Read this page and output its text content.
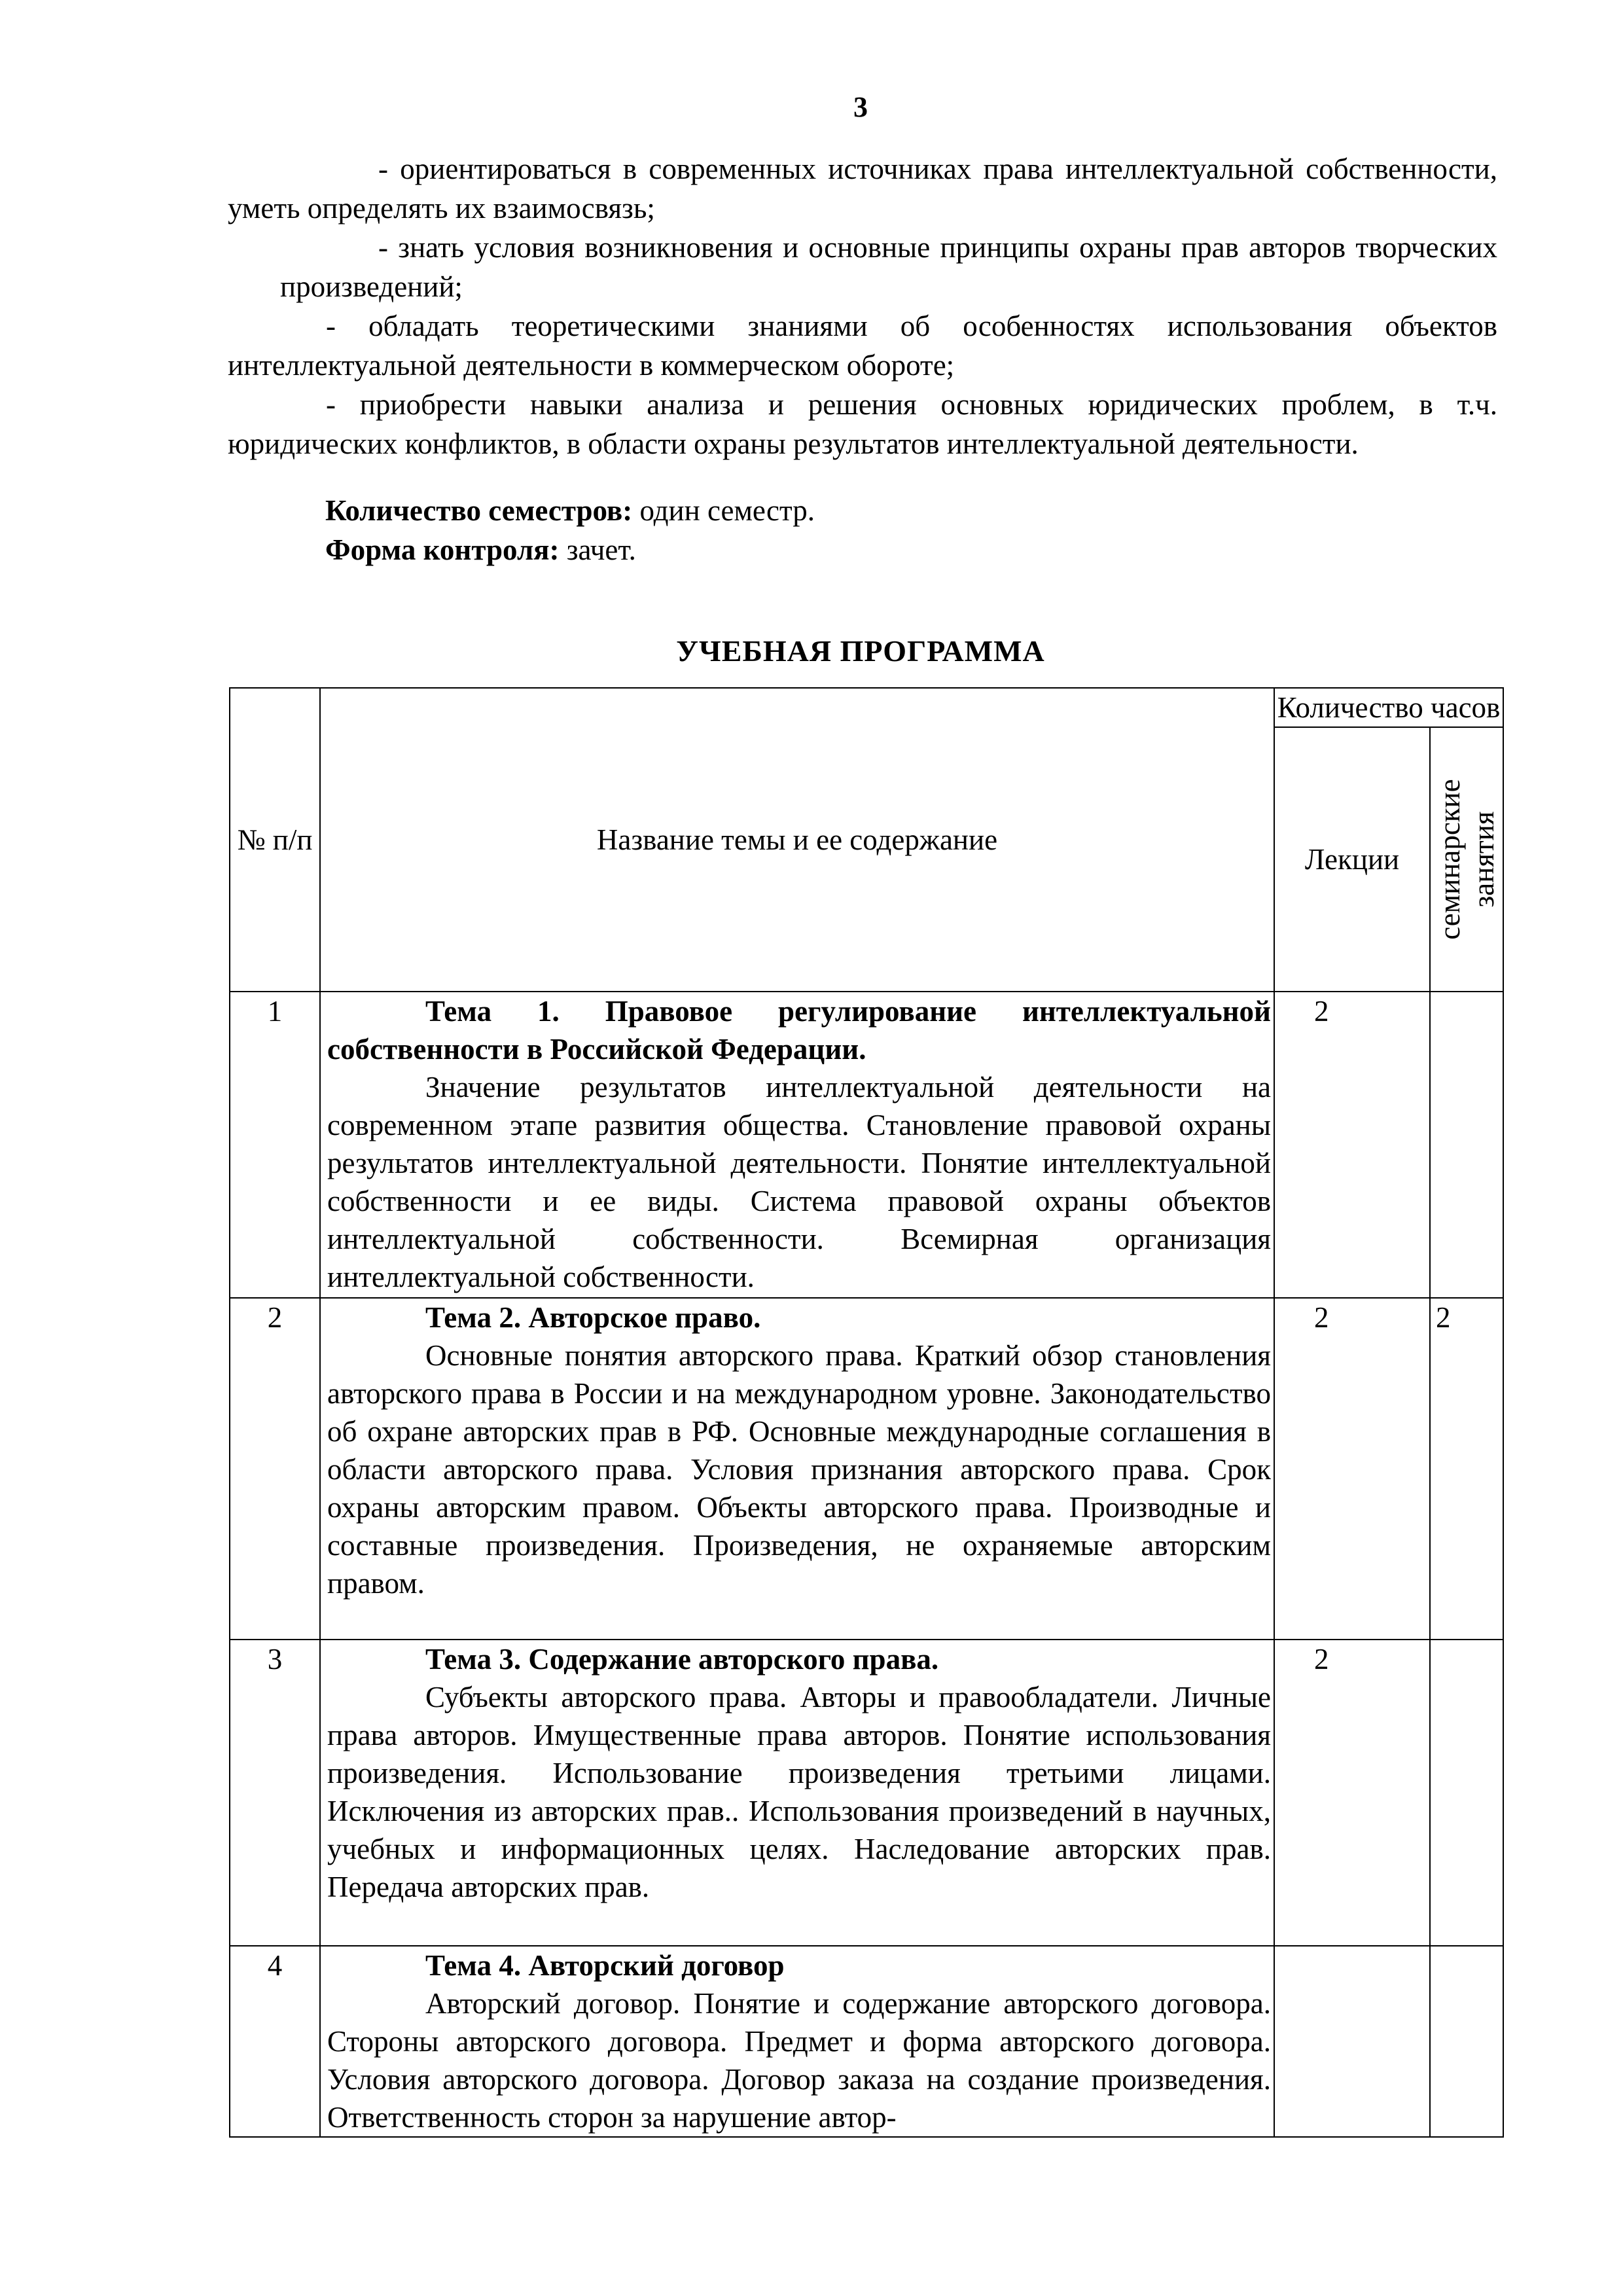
3

- ориентироваться в современных источниках права интеллектуальной собственности, уметь определять их взаимосвязь;

- знать условия возникновения и основные принципы охраны прав авторов творческих произведений;

- обладать теоретическими знаниями об особенностях использования объектов интеллектуальной деятельности в коммерческом обороте;

- приобрести навыки анализа и решения основных юридических проблем, в т.ч. юридических конфликтов, в области охраны результатов интеллектуальной деятельности.

Количество семестров: один семестр.

Форма контроля: зачет.

УЧЕБНАЯ ПРОГРАММА
№ п/п	Название темы и ее содержание	Количество часов	
		Лекции	семинарские занятия

1	Тема 1. Правовое регулирование интеллектуальной собственности в Российской Федерации.

Значение результатов интеллектуальной деятельности на современном этапе развития общества. Становление правовой охраны результатов интеллектуальной деятельности. Понятие интеллектуальной собственности и ее виды. Система правовой охраны объектов интеллектуальной собственности. Всемирная организация интеллектуальной собственности.	2	
2	Тема 2. Авторское право.

Основные понятия авторского права. Краткий обзор становления авторского права в России и на международном уровне. Законодательство об охране авторских прав в РФ. Основные международные соглашения в области авторского права. Условия признания авторского права. Срок охраны авторским правом. Объекты авторского права. Производные и составные произведения. Произведения, не охраняемые авторским правом.	2	2
3	Тема 3. Содержание авторского права.

Субъекты авторского права. Авторы и правообладатели. Личные права авторов. Имущественные права авторов. Понятие использования произведения. Использование произведения третьими лицами. Исключения из авторских прав.. Использования произведений в научных, учебных и информационных целях. Наследование авторских прав. Передача авторских прав.	2	
4	Тема 4. Авторский договор

Авторский договор. Понятие и содержание авторского договора. Стороны авторского договора. Предмет и форма авторского договора. Условия авторского договора. Договор заказа на создание произведения. Ответственность сторон за нарушение автор-		
